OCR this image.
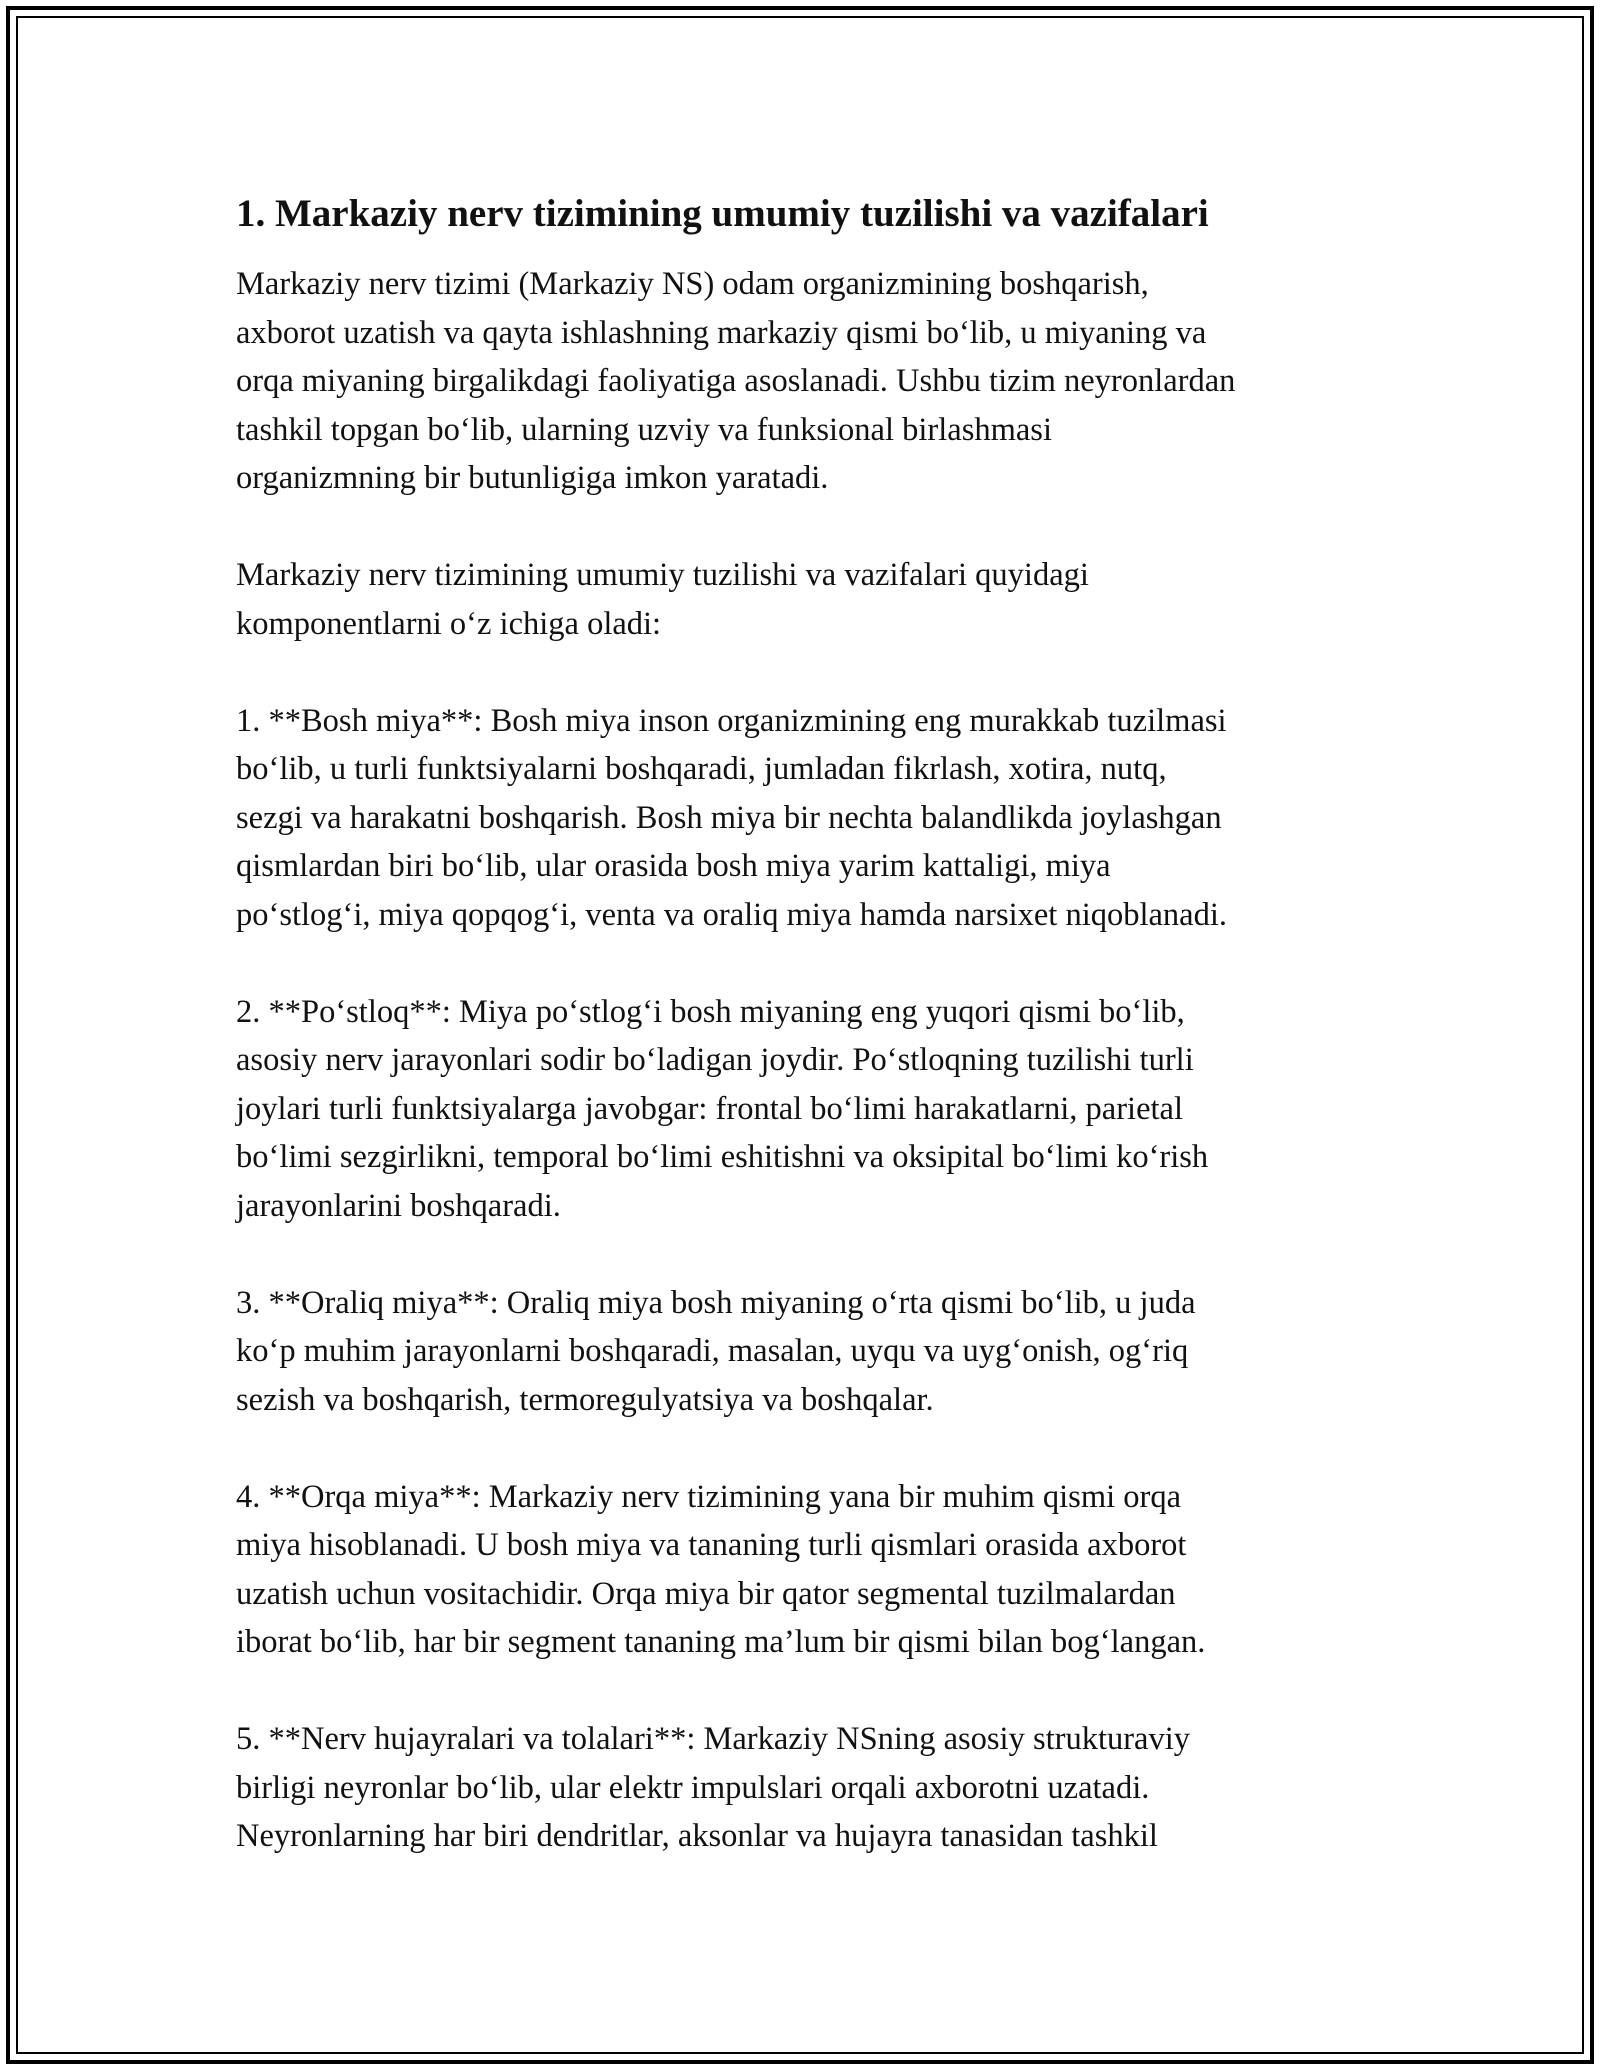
1. Markaziy nerv tizimining umumiy tuzilishi va vazifalari

Markaziy nerv tizimi (Markaziy NS) odam organizmining boshqarish,
axborot uzatish va qayta ishlashning markaziy qismi bo‘lib, u miyaning va
orqa miyaning birgalikdagi faoliyatiga asoslanadi. Ushbu tizim neyronlardan
tashkil topgan bo‘lib, ularning uzviy va funksional birlashmasi
organizmning bir butunligiga imkon yaratadi.

Markaziy nerv tizimining umumiy tuzilishi va vazifalari quyidagi
komponentlarni o‘z ichiga oladi:

1. **Bosh miya**: Bosh miya inson organizmining eng murakkab tuzilmasi
bo‘lib, u turli funktsiyalarni boshqaradi, jumladan fikrlash, xotira, nutq,
sezgi va harakatni boshqarish. Bosh miya bir nechta balandlikda joylashgan
qismlardan biri bo‘lib, ular orasida bosh miya yarim kattaligi, miya
po‘stlog‘i, miya qopqog‘i, venta va oraliq miya hamda narsixet niqoblanadi.

2. **Po‘stloq**: Miya po‘stlog‘i bosh miyaning eng yuqori qismi bo‘lib,
asosiy nerv jarayonlari sodir bo‘ladigan joydir. Po‘stloqning tuzilishi turli
joylari turli funktsiyalarga javobgar: frontal bo‘limi harakatlarni, parietal
bo‘limi sezgirlikni, temporal bo‘limi eshitishni va oksipital bo‘limi ko‘rish
jarayonlarini boshqaradi.

3. **Oraliq miya**: Oraliq miya bosh miyaning o‘rta qismi bo‘lib, u juda
ko‘p muhim jarayonlarni boshqaradi, masalan, uyqu va uyg‘onish, og‘riq
sezish va boshqarish, termoregulyatsiya va boshqalar.

4. **Orqa miya**: Markaziy nerv tizimining yana bir muhim qismi orqa
miya hisoblanadi. U bosh miya va tananing turli qismlari orasida axborot
uzatish uchun vositachidir. Orqa miya bir qator segmental tuzilmalardan
iborat bo‘lib, har bir segment tananing ma’lum bir qismi bilan bog‘langan.

5. **Nerv hujayralari va tolalari**: Markaziy NSning asosiy strukturaviy
birligi neyronlar bo‘lib, ular elektr impulslari orqali axborotni uzatadi.
Neyronlarning har biri dendritlar, aksonlar va hujayra tanasidan tashkil
